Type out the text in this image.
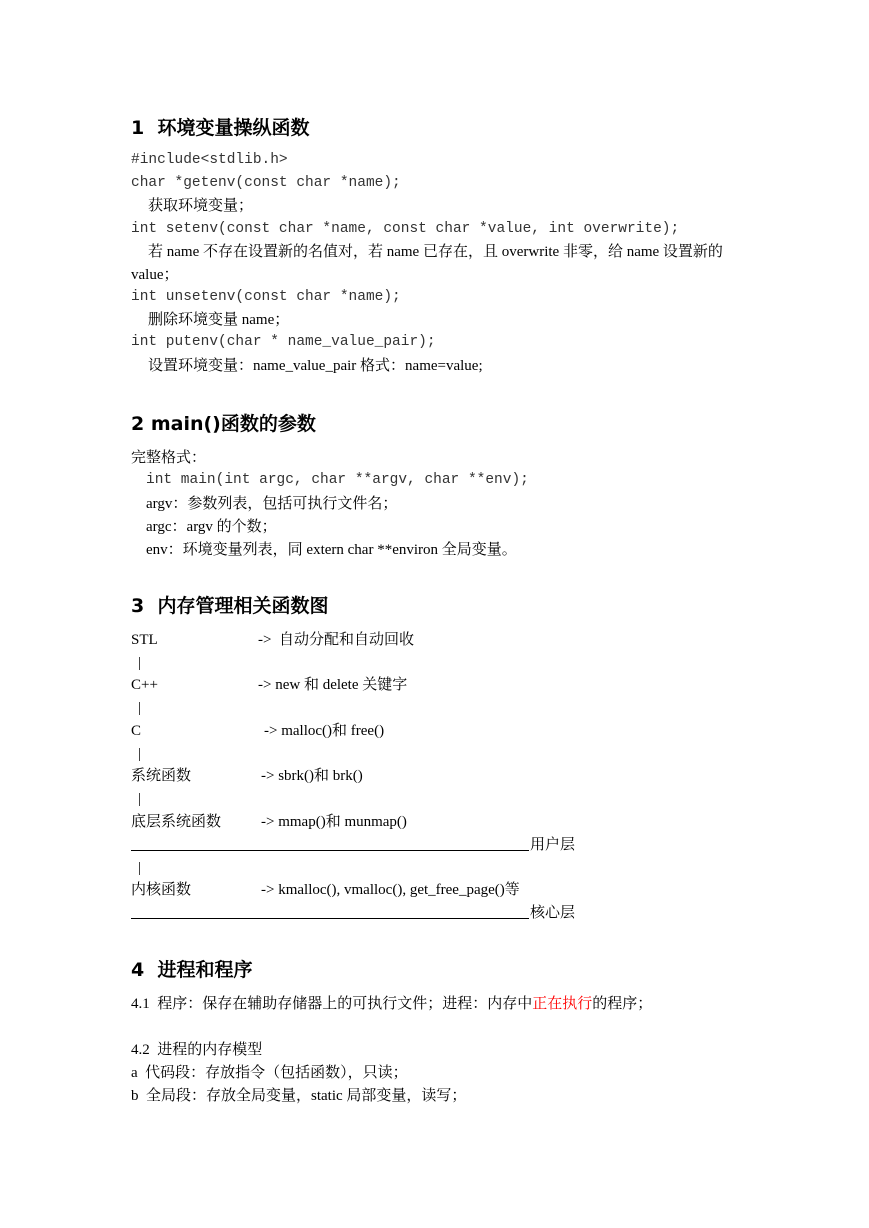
1  环境变量操纵函数
#include<stdlib.h>
char *getenv(const char *name);
获取环境变量；
int setenv(const char *name, const char *value, int overwrite);
若 name 不存在设置新的名值对，若 name 已存在，且 overwrite 非零，给 name 设置新的
value；
int unsetenv(const char *name);
删除环境变量 name；
int putenv(char * name_value_pair);
设置环境变量：name_value_pair 格式：name=value;
2 main()函数的参数
完整格式：
int main(int argc, char **argv, char **env);
argv：参数列表，包括可执行文件名；
argc：argv 的个数；
env：环境变量列表，同 extern char **environ 全局变量。
3  内存管理相关函数图
STL	->  自动分配和自动回收
|
C++	-> new 和 delete 关键字
|
C	-> malloc()和 free()
|
系统函数	-> sbrk()和 brk()
|
底层系统函数	-> mmap()和 munmap()
用户层
|
内核函数	-> kmalloc(), vmalloc(), get_free_page()等
核心层
4  进程和程序
4.1  程序：保存在辅助存储器上的可执行文件；进程：内存中正在执行的程序；
4.2  进程的内存模型
a  代码段：存放指令（包括函数），只读；
b  全局段：存放全局变量，static 局部变量，读写；
